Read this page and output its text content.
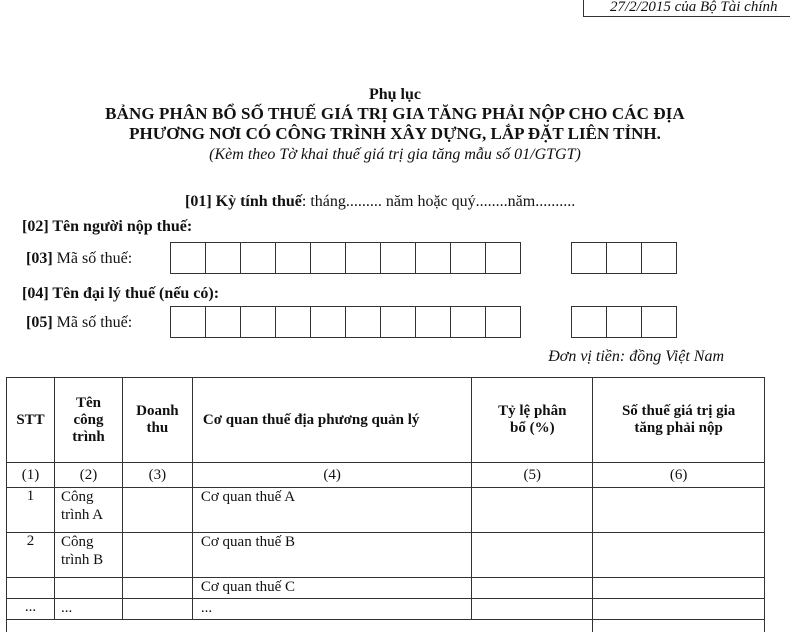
27/2/2015 của Bộ Tài chính
Phụ lục
BẢNG PHÂN BỔ SỐ THUẾ GIÁ TRỊ GIA TĂNG PHẢI NỘP CHO CÁC ĐỊA
PHƯƠNG NƠI CÓ CÔNG TRÌNH XÂY DỰNG, LẮP ĐẶT LIÊN TỈNH.
(Kèm theo Tờ khai thuế giá trị gia tăng mẫu số 01/GTGT)
[01] Kỳ tính thuế: tháng......... năm hoặc quý........năm..........
[02] Tên người nộp thuế:
[03] Mã số thuế:
[04] Tên đại lý thuế (nếu có):
[05] Mã số thuế:
Đơn vị tiền: đồng Việt Nam
STT	Tên công trình	Doanh thu	Cơ quan thuế địa phương quản lý	Tỷ lệ phân bổ (%)	Số thuế giá trị gia tăng phải nộp
(1)	(2)	(3)	(4)	(5)	(6)
1	Công trình A		Cơ quan thuế A		
2	Công trình B		Cơ quan thuế B		
			Cơ quan thuế C		
...	...		...		
